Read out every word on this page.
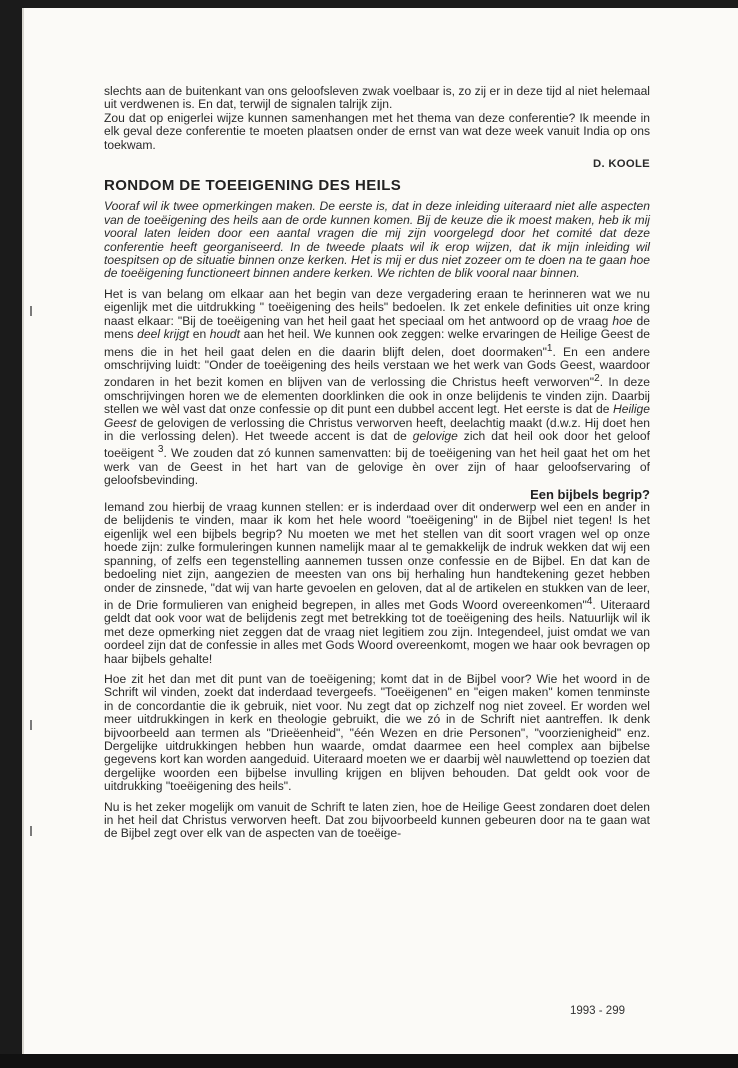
slechts aan de buitenkant van ons geloofsleven zwak voelbaar is, zo zij er in deze tijd al niet helemaal uit verdwenen is. En dat, terwijl de signalen talrijk zijn.

Zou dat op enigerlei wijze kunnen samenhangen met het thema van deze conferentie? Ik meende in elk geval deze conferentie te moeten plaatsen onder de ernst van wat deze week vanuit India op ons toekwam.

D. KOOLE

RONDOM DE TOEEIGENING DES HEILS

Vooraf wil ik twee opmerkingen maken. De eerste is, dat in deze inleiding uiteraard niet alle aspecten van de toeëigening des heils aan de orde kunnen komen. Bij de keuze die ik moest maken, heb ik mij vooral laten leiden door een aantal vragen die mij zijn voorgelegd door het comité dat deze conferentie heeft georganiseerd. In de tweede plaats wil ik erop wijzen, dat ik mijn inleiding wil toespitsen op de situatie binnen onze kerken. Het is mij er dus niet zozeer om te doen na te gaan hoe de toeëigening functioneert binnen andere kerken. We richten de blik vooral naar binnen.

Het is van belang om elkaar aan het begin van deze vergadering eraan te herinneren wat we nu eigenlijk met die uitdrukking " toeëigening des heils" bedoelen. Ik zet enkele definities uit onze kring naast elkaar: "Bij de toeëigening van het heil gaat het speciaal om het antwoord op de vraag hoe de mens deel krijgt en houdt aan het heil. We kunnen ook zeggen: welke ervaringen de Heilige Geest de mens die in het heil gaat delen en die daarin blijft delen, doet doormaken"$^1$. En een andere omschrijving luidt: "Onder de toeëigening des heils verstaan we het werk van Gods Geest, waardoor zondaren in het bezit komen en blijven van de verlossing die Christus heeft verworven"$^2$. In deze omschrijvingen horen we de elementen doorklinken die ook in onze belijdenis te vinden zijn. Daarbij stellen we wèl vast dat onze confessie op dit punt een dubbel accent legt. Het eerste is dat de Heilige Geest de gelovigen de verlossing die Christus verworven heeft, deelachtig maakt (d.w.z. Hij doet hen in die verlossing delen). Het tweede accent is dat de gelovige zich dat heil ook door het geloof toeëigent $^3$. We zouden dat zó kunnen samenvatten: bij de toeëigening van het heil gaat het om het werk van de Geest in het hart van de gelovige èn over zijn of haar geloofservaring of geloofsbevinding.

Een bijbels begrip?

Iemand zou hierbij de vraag kunnen stellen: er is inderdaad over dit onderwerp wel een en ander in de belijdenis te vinden, maar ik kom het hele woord "toeëigening" in de Bijbel niet tegen! Is het eigenlijk wel een bijbels begrip? Nu moeten we met het stellen van dit soort vragen wel op onze hoede zijn: zulke formuleringen kunnen namelijk maar al te gemakkelijk de indruk wekken dat wij een spanning, of zelfs een tegenstelling aannemen tussen onze confessie en de Bijbel. En dat kan de bedoeling niet zijn, aangezien de meesten van ons bij herhaling hun handtekening gezet hebben onder de zinsnede, "dat wij van harte gevoelen en geloven, dat al de artikelen en stukken van de leer, in de Drie formulieren van enigheid begrepen, in alles met Gods Woord overeenkomen"$^4$. Uiteraard geldt dat ook voor wat de belijdenis zegt met betrekking tot de toeëigening des heils. Natuurlijk wil ik met deze opmerking niet zeggen dat de vraag niet legitiem zou zijn. Integendeel, juist omdat we van oordeel zijn dat de confessie in alles met Gods Woord overeenkomt, mogen we haar ook bevragen op haar bijbels gehalte!

Hoe zit het dan met dit punt van de toeëigening; komt dat in de Bijbel voor? Wie het woord in de Schrift wil vinden, zoekt dat inderdaad tevergeefs. "Toeëigenen" en "eigen maken" komen tenminste in de concordantie die ik gebruik, niet voor. Nu zegt dat op zichzelf nog niet zoveel. Er worden wel meer uitdrukkingen in kerk en theologie gebruikt, die we zó in de Schrift niet aantreffen. Ik denk bijvoorbeeld aan termen als "Drieëenheid", "één Wezen en drie Personen", "voorzienigheid" enz. Dergelijke uitdrukkingen hebben hun waarde, omdat daarmee een heel complex aan bijbelse gegevens kort kan worden aangeduid. Uiteraard moeten we er daarbij wèl nauwlettend op toezien dat dergelijke woorden een bijbelse invulling krijgen en blijven behouden. Dat geldt ook voor de uitdrukking "toeëigening des heils".

Nu is het zeker mogelijk om vanuit de Schrift te laten zien, hoe de Heilige Geest zondaren doet delen in het heil dat Christus verworven heeft. Dat zou bijvoorbeeld kunnen gebeuren door na te gaan wat de Bijbel zegt over elk van de aspecten van de toeëige-

1993 - 299
